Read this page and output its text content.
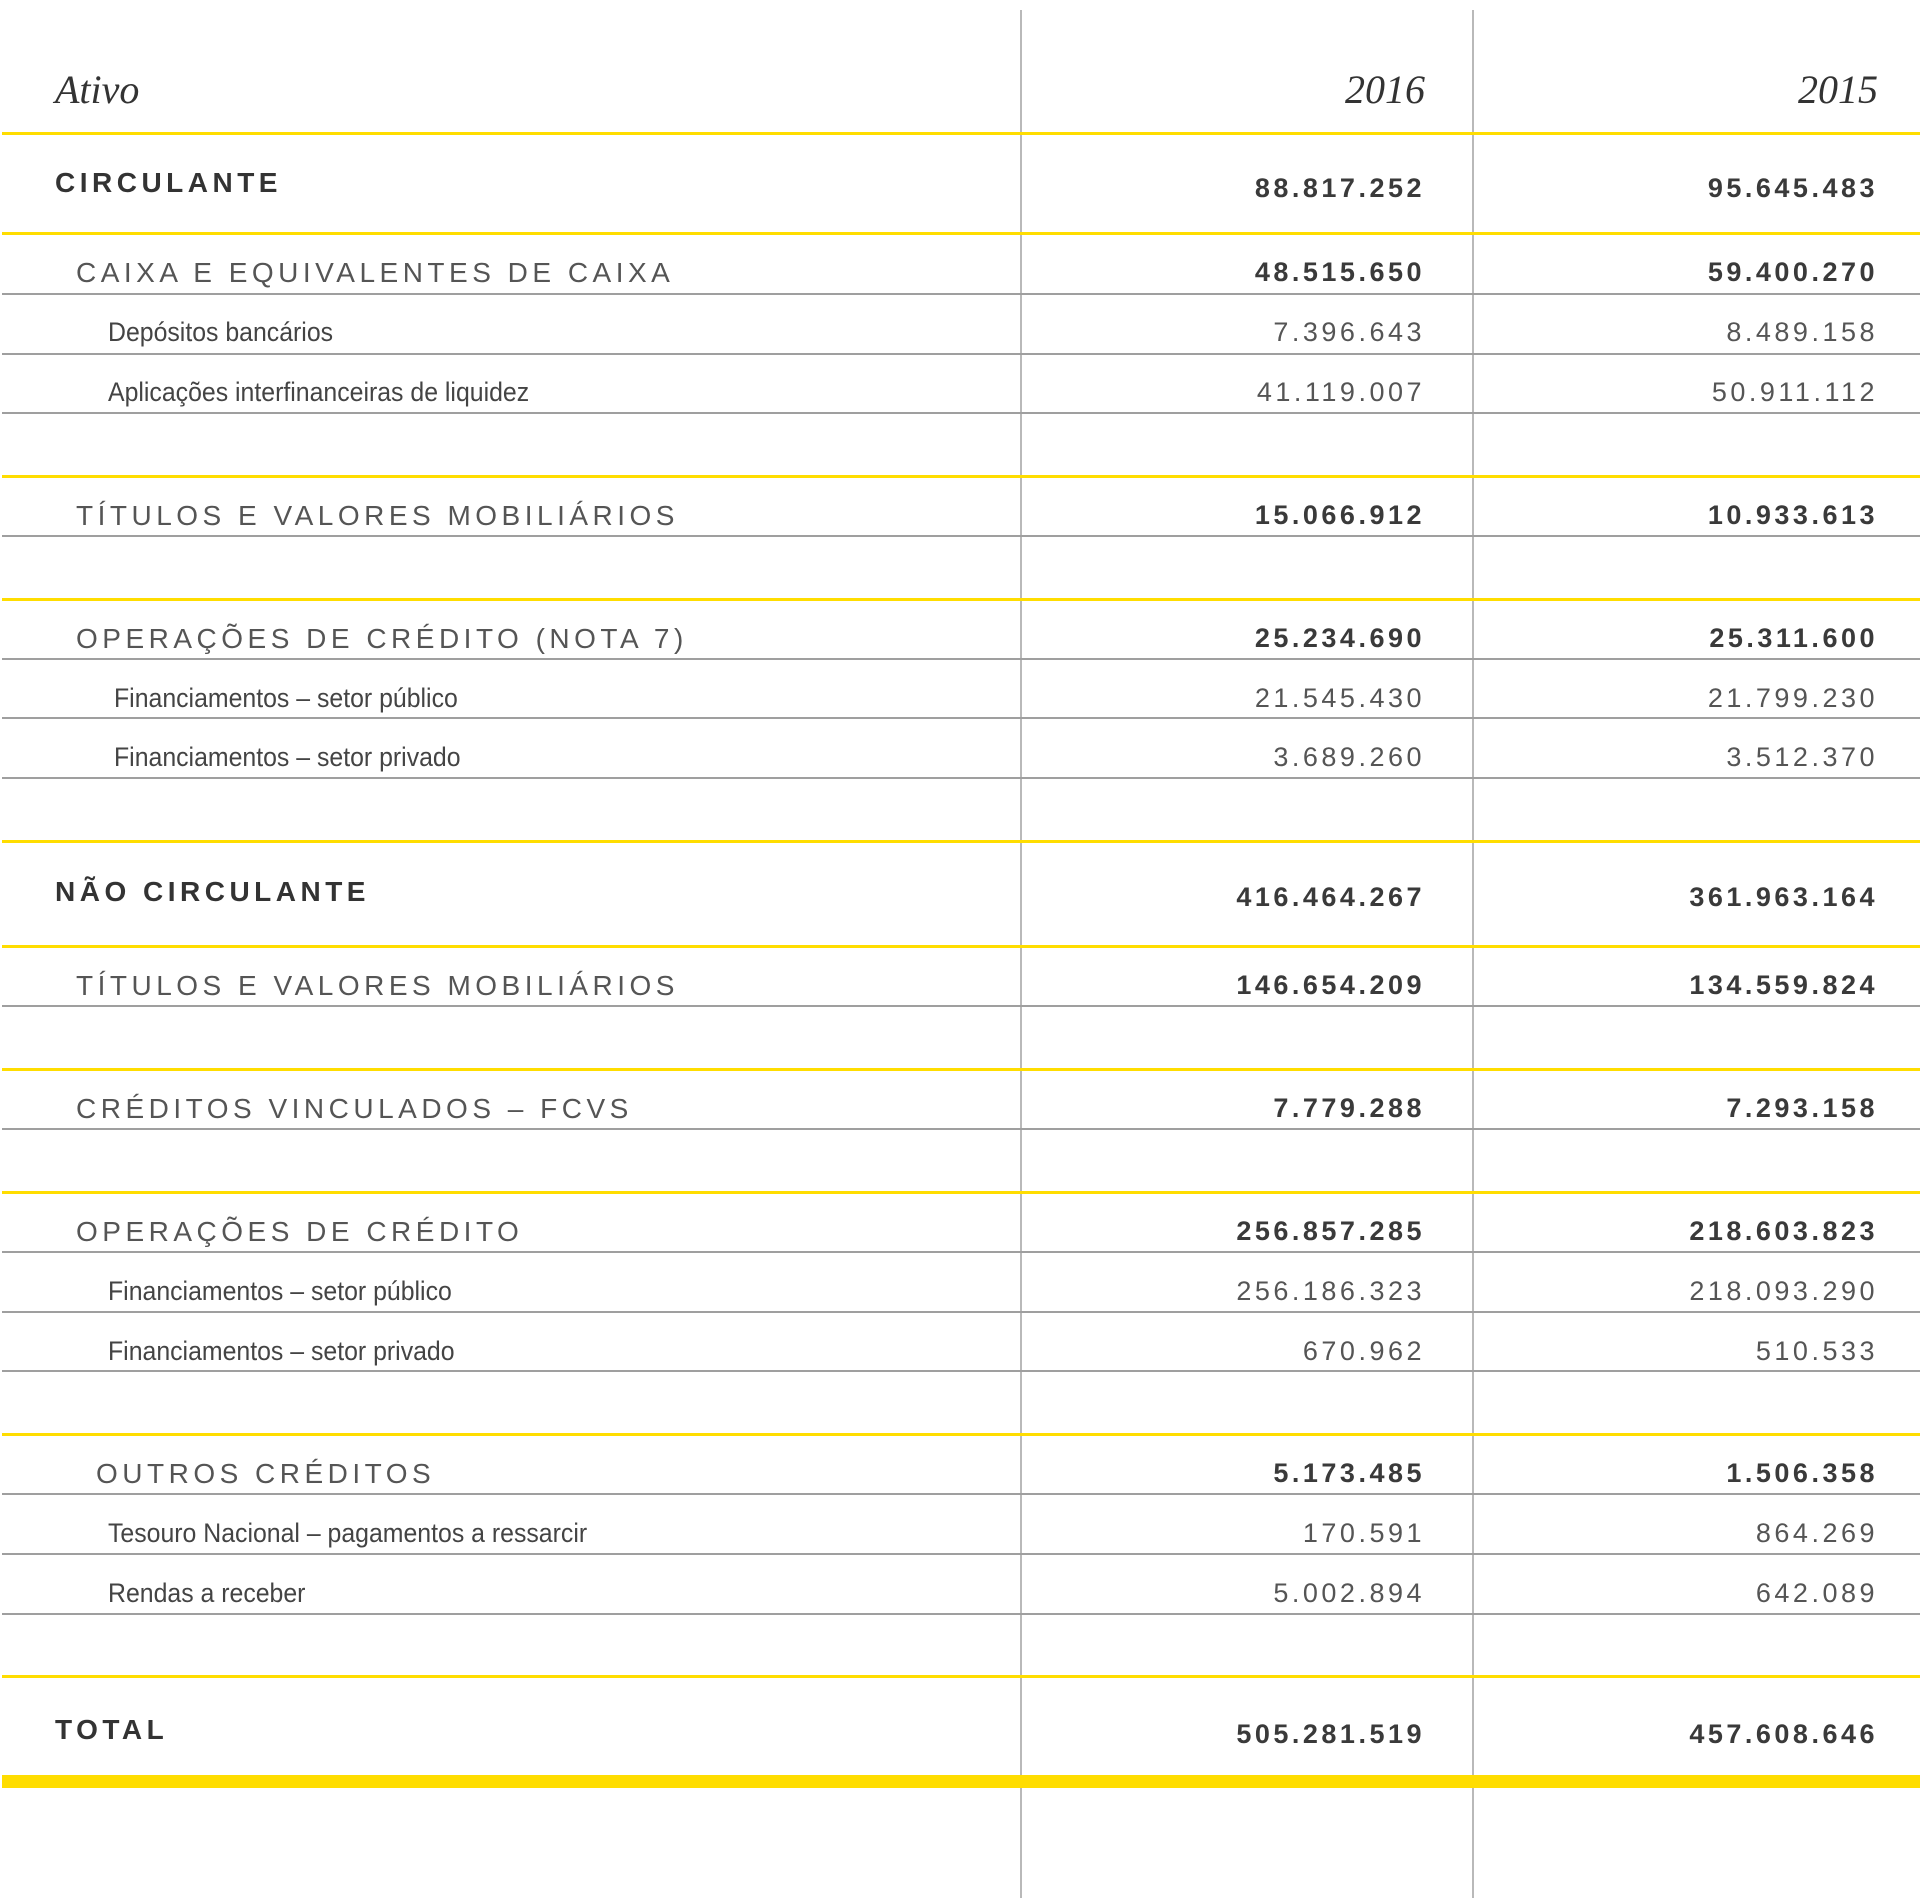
Ativo	2016	2015
CIRCULANTE	88.817.252	95.645.483
CAIXA E EQUIVALENTES DE CAIXA	48.515.650	59.400.270
Depósitos bancários	7.396.643	8.489.158
Aplicações interfinanceiras de liquidez	41.119.007	50.911.112
TÍTULOS E VALORES MOBILIÁRIOS	15.066.912	10.933.613
OPERAÇÕES DE CRÉDITO (NOTA 7)	25.234.690	25.311.600
Financiamentos – setor público	21.545.430	21.799.230
Financiamentos – setor privado	3.689.260	3.512.370
NÃO CIRCULANTE	416.464.267	361.963.164
TÍTULOS E VALORES MOBILIÁRIOS	146.654.209	134.559.824
CRÉDITOS VINCULADOS – FCVS	7.779.288	7.293.158
OPERAÇÕES DE CRÉDITO	256.857.285	218.603.823
Financiamentos – setor público	256.186.323	218.093.290
Financiamentos – setor privado	670.962	510.533
OUTROS CRÉDITOS	5.173.485	1.506.358
Tesouro Nacional – pagamentos a ressarcir	170.591	864.269
Rendas a receber	5.002.894	642.089
TOTAL	505.281.519	457.608.646
